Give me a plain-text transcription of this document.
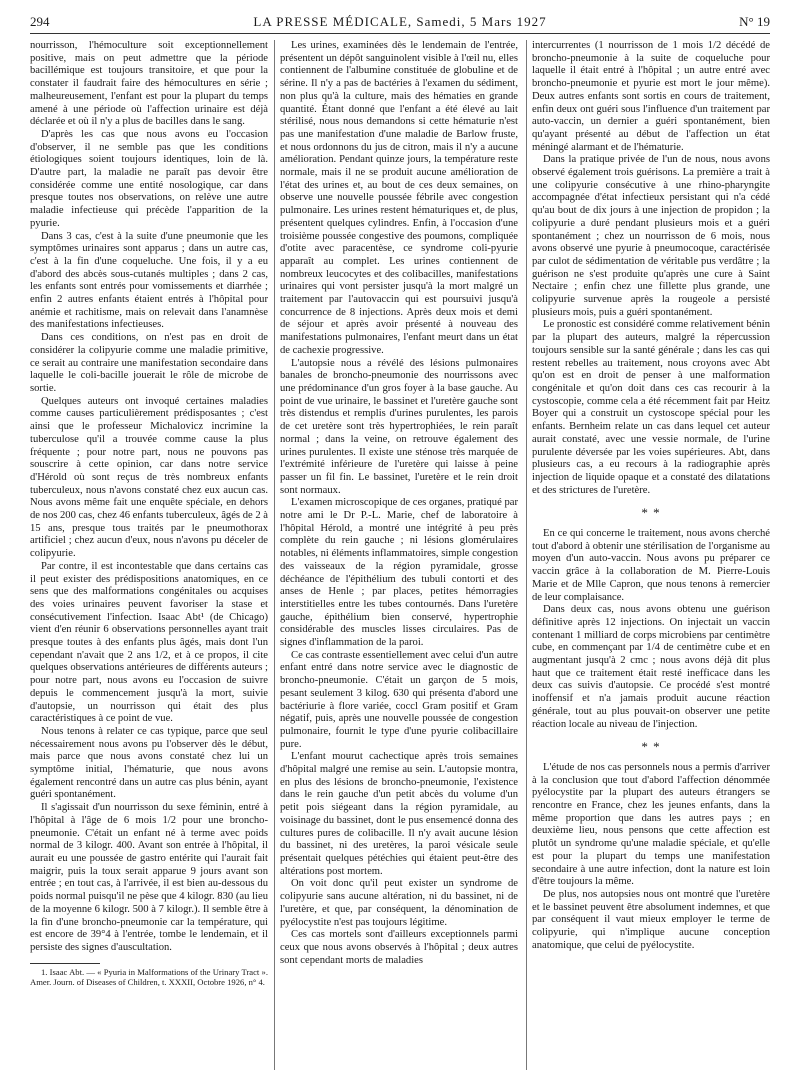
294	LA PRESSE MÉDICALE, Samedi, 5 Mars 1927	N° 19

nourrisson, l'hémoculture soit exceptionnellement positive, mais on peut admettre que la période bacillémique est toujours transitoire, et que pour la constater il faudrait faire des hémocultures en série ; malheureusement, l'enfant est pour la plupart du temps amené à une période où l'affection urinaire est déjà déclarée et où il n'y a plus de bacilles dans le sang.

D'après les cas que nous avons eu l'occasion d'observer, il ne semble pas que les conditions étiologiques soient toujours identiques, loin de là. D'autre part, la maladie ne paraît pas devoir être considérée comme une entité nosologique, car dans presque toutes nos observations, on relève une autre maladie infectieuse qui précède l'apparition de la pyurie.

Dans 3 cas, c'est à la suite d'une pneumonie que les symptômes urinaires sont apparus ; dans un autre cas, c'est à la fin d'une coqueluche. Une fois, il y a eu d'abord des abcès sous-cutanés multiples ; dans 2 cas, les enfants sont entrés pour vomissements et diarrhée ; enfin 2 autres enfants étaient entrés à l'hôpital pour anémie et rachitisme, mais on relevait dans l'anamnèse des manifestations infectieuses.

Dans ces conditions, on n'est pas en droit de considérer la colipyurie comme une maladie primitive, ce serait au contraire une manifestation secondaire dans laquelle le coli-bacille jouerait le rôle de microbe de sortie.

Quelques auteurs ont invoqué certaines maladies comme causes particulièrement prédisposantes ; c'est ainsi que le professeur Michalovicz incrimine la tuberculose qu'il a trouvée comme cause la plus fréquente ; pour notre part, nous ne pouvons pas souscrire à cette opinion, car dans notre service d'Hérold où sont reçus de très nombreux enfants tuberculeux, nous n'avons constaté chez eux aucun cas. Nous avons même fait une enquête spéciale, en dehors de nos 200 cas, chez 46 enfants tuberculeux, âgés de 2 à 15 ans, presque tous traités par le pneumothorax artificiel ; chez aucun d'eux, nous n'avons pu déceler de colipyurie.

Par contre, il est incontestable que dans certains cas il peut exister des prédispositions anatomiques, en ce sens que des malformations congénitales ou acquises des voies urinaires peuvent favoriser la stase et consécutivement l'infection. Isaac Abt¹ (de Chicago) vient d'en réunir 6 observations personnelles ayant trait presque toutes à des enfants plus âgés, mais dont l'un cependant n'avait que 2 ans 1/2, et à ce propos, il cite quelques observations antérieures de différents auteurs ; pour notre part, nous avons eu l'occasion de suivre depuis le commencement jusqu'à la mort, suivie d'autopsie, un nourrisson qui était des plus caractéristiques à ce point de vue.

Nous tenons à relater ce cas typique, parce que seul nécessairement nous avons pu l'observer dès le début, mais parce que nous avons constaté chez lui un symptôme initial, l'hématurie, que nous avons également rencontré dans un autre cas plus bénin, ayant guéri spontanément.

Il s'agissait d'un nourrisson du sexe féminin, entré à l'hôpital à l'âge de 6 mois 1/2 pour une broncho-pneumonie. C'était un enfant né à terme avec poids normal de 3 kilogr. 400. Avant son entrée à l'hôpital, il aurait eu une poussée de gastro entérite qui l'aurait fait maigrir, puis la toux serait apparue 9 jours avant son entrée ; en tout cas, à l'arrivée, il est bien au-dessous du poids normal puisqu'il ne pèse que 4 kilogr. 830 (au lieu de la moyenne 6 kilogr. 500 à 7 kilogr.). Il semble être à la fin d'une broncho-pneumonie car la température, qui est encore de 39°4 à l'entrée, tombe le lendemain, et il persiste des signes d'auscultation.

1. Isaac Abt. — « Pyuria in Malformations of the Urinary Tract ». Amer. Journ. of Diseases of Children, t. XXXII, Octobre 1926, n° 4.

Les urines, examinées dès le lendemain de l'entrée, présentent un dépôt sanguinolent visible à l'œil nu, elles contiennent de l'albumine constituée de globuline et de sérine. Il n'y a pas de bactéries à l'examen du sédiment, non plus qu'à la culture, mais des hématies en grande quantité. Étant donné que l'enfant a été élevé au lait stérilisé, nous nous demandons si cette hématurie n'est pas une manifestation d'une maladie de Barlow fruste, et nous ordonnons du jus de citron, mais il n'y a aucune amélioration. Pendant quinze jours, la température reste normale, mais il ne se produit aucune amélioration de l'état des urines et, au bout de ces deux semaines, on observe une nouvelle poussée fébrile avec congestion pulmonaire. Les urines restent hématuriques et, de plus, présentent quelques cylindres. Enfin, à l'occasion d'une troisième poussée congestive des poumons, compliquée d'otite avec paracentèse, ce syndrome coli-pyurie apparaît au complet. Les urines contiennent de nombreux leucocytes et des colibacilles, manifestations urinaires qui vont persister jusqu'à la mort malgré un traitement par l'autovaccin qui est poursuivi jusqu'à concurrence de 8 injections. Après deux mois et demi de séjour et après avoir présenté à nouveau des manifestations pulmonaires, l'enfant meurt dans un état de cachexie progressive.

L'autopsie nous a révélé des lésions pulmonaires banales de broncho-pneumonie des nourrissons avec une prédominance d'un gros foyer à la base gauche. Au point de vue urinaire, le bassinet et l'uretère gauche sont très distendus et remplis d'urines purulentes, les parois de cet uretère sont très hypertrophiées, le rein paraît normal ; dans la veine, on retrouve également des urines purulentes. Il existe une sténose très marquée de l'extrémité inférieure de l'uretère qui laisse à peine passer un fil fin. Le bassinet, l'uretère et le rein droit sont normaux.

L'examen microscopique de ces organes, pratiqué par notre ami le Dr P.-L. Marie, chef de laboratoire à l'hôpital Hérold, a montré une intégrité à peu près complète du rein gauche ; ni lésions glomérulaires notables, ni éléments inflammatoires, simple congestion des vaisseaux de la région pyramidale, grosse déchéance de l'épithélium des tubuli contorti et des anses de Henle ; par places, petites hémorragies interstitielles entre les tubes contournés. Dans l'uretère gauche, épithélium bien conservé, hypertrophie considérable des muscles lisses circulaires. Pas de signes d'inflammation de la paroi.

Ce cas contraste essentiellement avec celui d'un autre enfant entré dans notre service avec le diagnostic de broncho-pneumonie. C'était un garçon de 5 mois, pesant seulement 3 kilog. 630 qui présenta d'abord une bactériurie à flore variée, coccl Gram positif et Gram négatif, puis, après une nouvelle poussée de congestion pulmonaire, fournit le type d'une pyurie colibacillaire pure.

L'enfant mourut cachectique après trois semaines d'hôpital malgré une remise au sein. L'autopsie montra, en plus des lésions de broncho-pneumonie, l'existence dans le rein gauche d'un petit abcès du volume d'un petit pois siégeant dans la région pyramidale, au voisinage du bassinet, dont le pus ensemencé donna des cultures pures de colibacille. Il n'y avait aucune lésion du bassinet, ni des uretères, la paroi vésicale seule présentait quelques pétéchies qui étaient peut-être des altérations post mortem.

On voit donc qu'il peut exister un syndrome de colipyurie sans aucune altération, ni du bassinet, ni de l'uretère, et que, par conséquent, la dénomination de pyélocystite n'est pas toujours légitime.

Ces cas mortels sont d'ailleurs exceptionnels parmi ceux que nous avons observés à l'hôpital ; deux autres sont cependant morts de maladies

intercurrentes (1 nourrisson de 1 mois 1/2 décédé de broncho-pneumonie à la suite de coqueluche pour laquelle il était entré à l'hôpital ; un autre entré avec broncho-pneumonie et pyurie est mort le jour même). Deux autres enfants sont sortis en cours de traitement, enfin deux ont guéri sous l'influence d'un traitement par auto-vaccin, un dernier a guéri spontanément, bien qu'ayant présenté au début de l'affection un état méningé alarmant et de l'hématurie.

Dans la pratique privée de l'un de nous, nous avons observé également trois guérisons. La première a trait à une colipyurie consécutive à une rhino-pharyngite accompagnée d'état infectieux persistant qui n'a cédé qu'au bout de dix jours à une injection de propidon ; la colipyurie a duré pendant plusieurs mois et a guéri spontanément ; chez un nourrisson de 6 mois, nous avons observé une pyurie à pneumocoque, caractérisée par culot de sédimentation de véritable pus verdâtre ; la guérison ne s'est produite qu'après une cure à Saint Nectaire ; enfin chez une fillette plus grande, une colipyurie survenue après la rougeole a persisté plusieurs mois, puis a guéri spontanément.

Le pronostic est considéré comme relativement bénin par la plupart des auteurs, malgré la répercussion toujours sensible sur la santé générale ; dans les cas qui restent rebelles au traitement, nous croyons avec Abt qu'on est en droit de penser à une malformation congénitale et qu'on doit dans ces cas recourir à la cystoscopie, comme cela a été récemment fait par Heitz Boyer qui a construit un cystoscope spécial pour les enfants. Bernheim relate un cas dans lequel cet auteur aurait constaté, avec une vessie normale, de l'urine purulente déversée par les voies supérieures. Abt, dans plusieurs cas, a eu recours à la radiographie après injection de liquide opaque et a constaté des dilatations et des strictures de l'uretère.

* *

En ce qui concerne le traitement, nous avons cherché tout d'abord à obtenir une stérilisation de l'organisme au moyen d'un auto-vaccin. Nous avons pu préparer ce vaccin grâce à la collaboration de M. Pierre-Louis Marie et de Mlle Capron, que nous tenons à remercier de leur complaisance.

Dans deux cas, nous avons obtenu une guérison définitive après 12 injections. On injectait un vaccin contenant 1 milliard de corps microbiens par centimètre cube, en commençant par 1/4 de centimètre cube et en augmentant jusqu'à 2 cmc ; nous avons déjà dit plus haut que ce traitement était resté inefficace dans les deux cas suivis d'autopsie. Ce procédé s'est montré inoffensif et n'a jamais produit aucune réaction générale, tout au plus pouvait-on observer une petite réaction locale au niveau de l'injection.

* *

L'étude de nos cas personnels nous a permis d'arriver à la conclusion que tout d'abord l'affection dénommée pyélocystite par la plupart des auteurs étrangers se rencontre en France, chez les jeunes enfants, dans la même proportion que dans les autres pays ; en deuxième lieu, nous pensons que cette affection est plutôt un syndrome qu'une maladie spéciale, et qu'elle est pour la plupart du temps une manifestation secondaire à une autre infection, dont la nature est loin d'être toujours la même.

De plus, nos autopsies nous ont montré que l'uretère et le bassinet peuvent être absolument indemnes, et que par conséquent il vaut mieux employer le terme de colipyurie, qui n'implique aucune conception anatomique, que celui de pyélocystite.
